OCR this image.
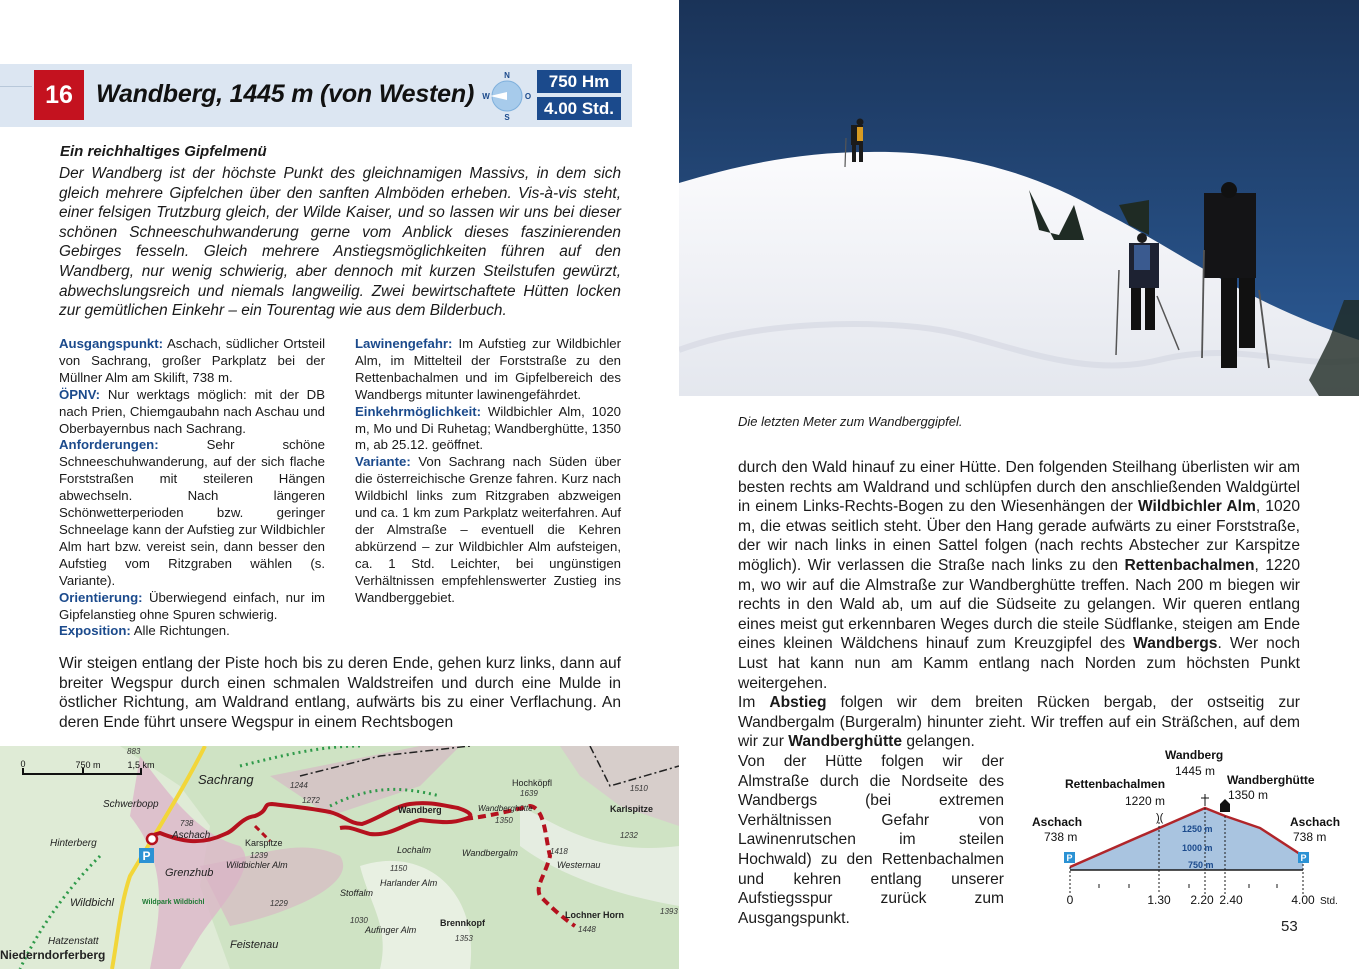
16 Wandberg, 1445 m (von Westen)
N
S
W	O
750 Hm
4.00 Std.
Ein reichhaltiges Gipfelmenü
Der Wandberg ist der höchste Punkt des gleichnamigen Massivs, in dem sich gleich mehrere Gipfelchen über den sanften Almböden erheben. Vis-à-vis steht, einer felsigen Trutzburg gleich, der Wilde Kaiser, und so lassen wir uns bei dieser schönen Schneeschuhwanderung gerne vom Anblick dieses faszinierenden Gebirges fesseln. Gleich mehrere Anstiegsmöglichkeiten führen auf den Wandberg, nur wenig schwierig, aber dennoch mit kurzen Steilstufen gewürzt, abwechslungsreich und niemals langweilig. Zwei bewirtschaftete Hütten locken zur gemütlichen Einkehr – ein Tourentag wie aus dem Bilderbuch.
Ausgangspunkt: Aschach, südlicher Ortsteil von Sachrang, großer Parkplatz bei der Müllner Alm am Skilift, 738 m.
ÖPNV: Nur werktags möglich: mit der DB nach Prien, Chiemgaubahn nach Aschau und Oberbayernbus nach Sachrang.
Anforderungen:	Sehr schöne Schneeschuhwanderung, auf der sich flache Forststraßen mit steileren Hängen abwechseln. Nach längeren Schönwetterperioden bzw. geringer Schneelage kann der Aufstieg zur Wildbichler Alm hart bzw. vereist sein, dann besser den Aufstieg vom Ritzgraben wählen (s. Variante).
Orientierung: Überwiegend einfach, nur im Gipfelanstieg ohne Spuren schwierig.
Exposition: Alle Richtungen.
Lawinengefahr: Im Aufstieg zur Wildbichler Alm, im Mittelteil der Forststraße zu den Rettenbachalmen und im Gipfelbereich des Wandbergs mitunter lawinengefährdet.
Einkehrmöglichkeit: Wildbichler Alm, 1020 m, Mo und Di Ruhetag; Wandberghütte, 1350 m, ab 25.12. geöffnet.
Variante: Von Sachrang nach Süden über die österreichische Grenze fahren. Kurz nach Wildbichl links zum Ritzgraben abzweigen und ca. 1 km zum Parkplatz weiterfahren. Auf der Almstraße – eventuell die Kehren abkürzend – zur Wildbichler Alm aufsteigen, ca. 1 Std. Leichter, bei ungünstigen Verhältnissen empfehlenswerter Zustieg ins Wandberggebiet.
Wir steigen entlang der Piste hoch bis zu deren Ende, gehen kurz links, dann auf breiter Wegspur durch einen schmalen Waldstreifen und durch eine Mulde in östlicher Richtung, am Waldrand entlang, aufwärts bis zu einer Verflachung. An deren Ende führt unsere Wegspur in einem Rechtsbogen
P
0	750 m	1,5 km
Sachrang
Schwerbopp
Hinterberg
Aschach
Grenzhub
Wildbichl
Karspitze
Wildbichler Alm
Wandberg	Wandberghütte
Wandbergalm
Hochköpfl
Lochalm
Harlander Alm
Stoffalm
Brennkopf
Aufinger Alm
Lochner Horn
Karlspitze
Westernau
Feistenau
Wildpark Wildbichl
Niederndorferberg
Hatzenstatt
883
1244
1272
1239
1229
1350
1639
1418
1150
1353
1448
738
1030
1510
1232
1393
Die letzten Meter zum Wandberggipfel.
durch den Wald hinauf zu einer Hütte. Den folgenden Steilhang überlisten wir am besten rechts am Waldrand und schlüpfen durch den anschließenden Waldgürtel in einem Links-Rechts-Bogen zu den Wiesenhängen der Wildbichler Alm, 1020 m, die etwas seitlich steht. Über den Hang gerade aufwärts zu einer Forststraße, der wir nach links in einen Sattel folgen (nach rechts Abstecher zur Karspitze möglich). Wir verlassen die Straße nach links zu den Rettenbachalmen, 1220 m, wo wir auf die Almstraße zur Wandberghütte treffen. Nach 200 m biegen wir rechts in den Wald ab, um auf die Südseite zu gelangen. Wir queren entlang eines meist gut erkennbaren Weges durch die steile Südflanke, steigen am Ende eines kleinen Wäldchens hinauf zum Kreuzgipfel des Wandbergs. Wer noch Lust hat kann nun am Kamm entlang nach Norden zum höchsten Punkt weitergehen.
Im Abstieg folgen wir dem breiten Rücken bergab, der ostseitig zur Wandbergalm (Burgeralm) hinunter zieht. Wir treffen auf ein Sträßchen, auf dem wir zur Wandberghütte gelangen.
Von der Hütte folgen wir der Almstraße durch die Nordseite des Wandbergs (bei extremen Verhältnissen Gefahr von Lawinenrutschen im steilen Hochwald) zu den Rettenbachalmen und kehren entlang unserer Aufstiegsspur zurück zum Ausgangspunkt.
)(
P	P
1250 m
1000 m
750 m
Aschach
738 m
Rettenbachalmen
1220 m
Wandberg
1445 m
Wandberghütte
1350 m
Aschach
738 m
0	1.30 2.20 2.40	4.00 Std.
53
